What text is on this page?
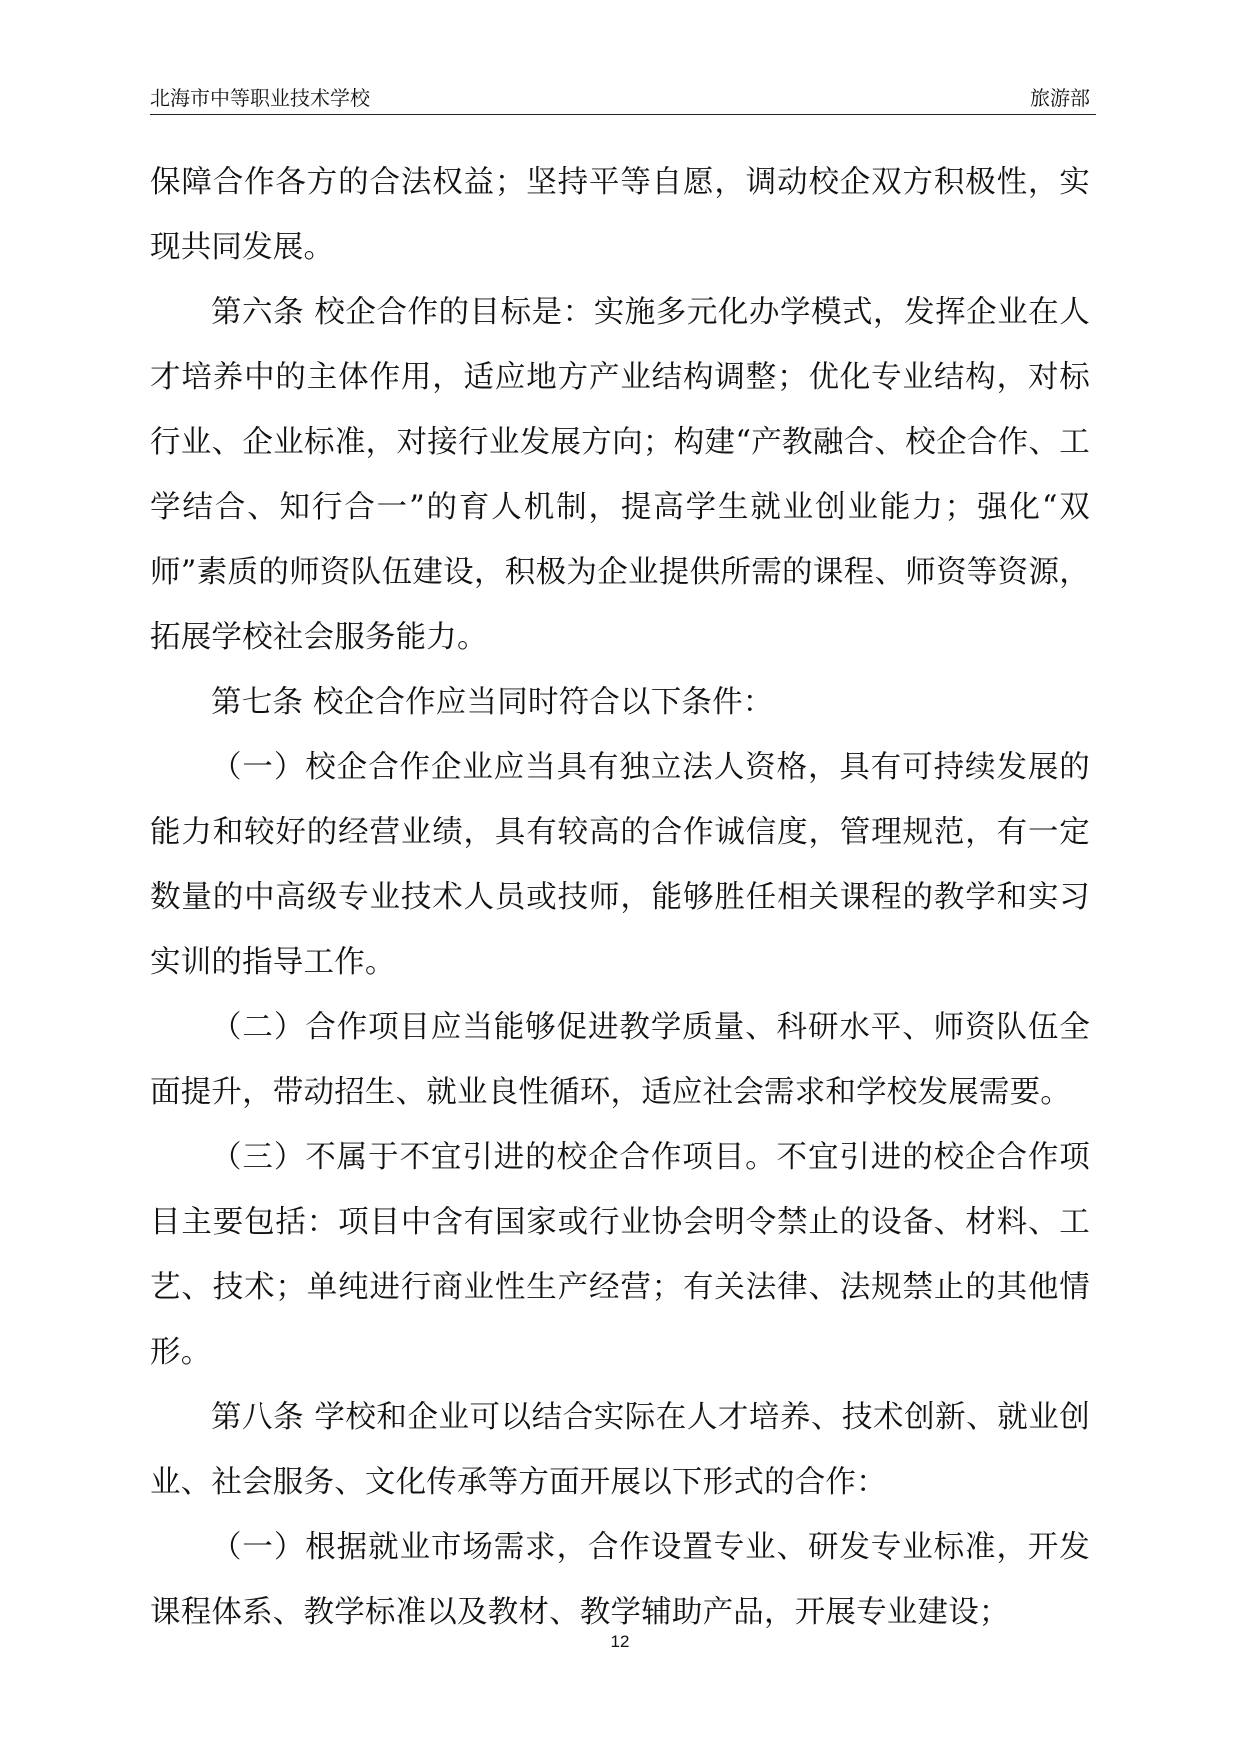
北海市中等职业技术学校	旅游部

保障合作各方的合法权益；坚持平等自愿，调动校企双方积极性，实现共同发展。

第六条 校企合作的目标是：实施多元化办学模式，发挥企业在人才培养中的主体作用，适应地方产业结构调整；优化专业结构，对标行业、企业标准，对接行业发展方向；构建“产教融合、校企合作、工学结合、知行合一”的育人机制，提高学生就业创业能力；强化“双师”素质的师资队伍建设，积极为企业提供所需的课程、师资等资源，拓展学校社会服务能力。

第七条 校企合作应当同时符合以下条件：

（一）校企合作企业应当具有独立法人资格，具有可持续发展的能力和较好的经营业绩，具有较高的合作诚信度，管理规范，有一定数量的中高级专业技术人员或技师，能够胜任相关课程的教学和实习实训的指导工作。

（二）合作项目应当能够促进教学质量、科研水平、师资队伍全面提升，带动招生、就业良性循环，适应社会需求和学校发展需要。

（三）不属于不宜引进的校企合作项目。不宜引进的校企合作项目主要包括：项目中含有国家或行业协会明令禁止的设备、材料、工艺、技术；单纯进行商业性生产经营；有关法律、法规禁止的其他情形。

第八条 学校和企业可以结合实际在人才培养、技术创新、就业创业、社会服务、文化传承等方面开展以下形式的合作：

（一）根据就业市场需求，合作设置专业、研发专业标准，开发课程体系、教学标准以及教材、教学辅助产品，开展专业建设；

12
